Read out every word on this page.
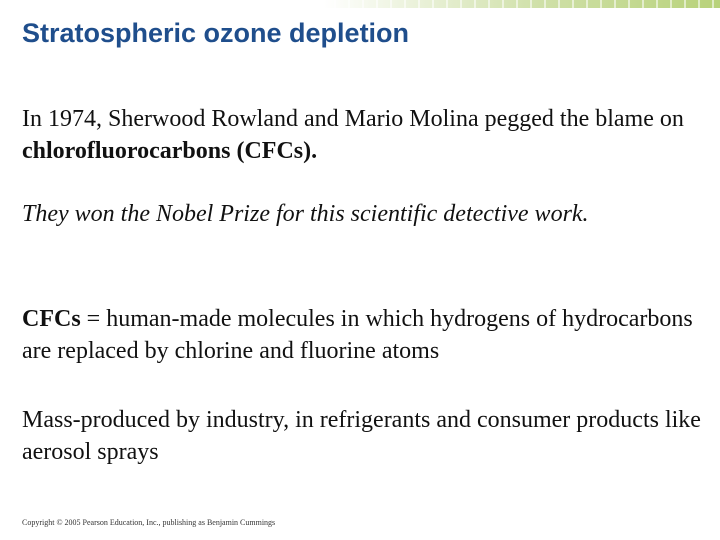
Stratospheric ozone depletion

In 1974, Sherwood Rowland and Mario Molina pegged the blame on chlorofluorocarbons (CFCs).

They won the Nobel Prize for this scientific detective work.

CFCs = human-made molecules in which hydrogens of hydrocarbons are replaced by chlorine and fluorine atoms

Mass-produced by industry, in refrigerants and consumer products like aerosol sprays

Copyright © 2005 Pearson Education, Inc., publishing as Benjamin Cummings
